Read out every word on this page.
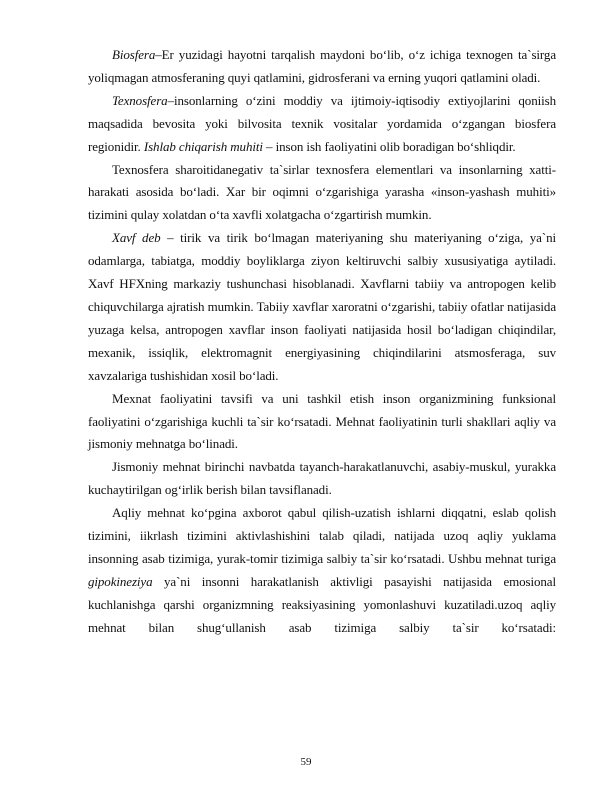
Biosfera–Er yuzidagi hayotni tarqalish maydoni bo‘lib, o‘z ichiga texnogen ta`sirga yoliqmagan atmosferaning quyi qatlamini, gidrosferani va erning yuqori qatlamini oladi.

Texnosfera–insonlarning o‘zini moddiy va ijtimoiy-iqtisodiy extiyojlarini qoniish maqsadida bevosita yoki bilvosita texnik vositalar yordamida o‘zgangan biosfera regionidir. Ishlab chiqarish muhiti – inson ish faoliyatini olib boradigan bo‘shliqdir.

Texnosfera sharoitidanegativ ta`sirlar texnosfera elementlari va insonlarning xatti-harakati asosida bo‘ladi. Xar bir oqimni o‘zgarishiga yarasha «inson-yashash muhiti» tizimini qulay xolatdan o‘ta xavfli xolatgacha o‘zgartirish mumkin.

Xavf deb – tirik va tirik bo‘lmagan materiyaning shu materiyaning o‘ziga, ya`ni odamlarga, tabiatga, moddiy boyliklarga ziyon keltiruvchi salbiy xususiyatiga aytiladi. Xavf HFXning markaziy tushunchasi hisoblanadi. Xavflarni tabiiy va antropogen kelib chiquvchilarga ajratish mumkin. Tabiiy xavflar xaroratni o‘zgarishi, tabiiy ofatlar natijasida yuzaga kelsa, antropogen xavflar inson faoliyati natijasida hosil bo‘ladigan chiqindilar, mexanik, issiqlik, elektromagnit energiyasining chiqindilarini atsmosferaga, suv xavzalariga tushishidan xosil bo‘ladi.

Mexnat faoliyatini tavsifi va uni tashkil etish inson organizmining funksional faoliyatini o‘zgarishiga kuchli ta`sir ko‘rsatadi. Mehnat faoliyatinin turli shakllari aqliy va jismoniy mehnatga bo‘linadi.

Jismoniy mehnat birinchi navbatda tayanch-harakatlanuvchi, asabiy-muskul, yurakka kuchaytirilgan og‘irlik berish bilan tavsiflanadi.

Aqliy mehnat ko‘pgina axborot qabul qilish-uzatish ishlarni diqqatni, eslab qolish tizimini, iikrlash tizimini aktivlashishini talab qiladi, natijada uzoq aqliy yuklama insonning asab tizimiga, yurak-tomir tizimiga salbiy ta`sir ko‘rsatadi. Ushbu mehnat turiga gipokineziya ya`ni insonni harakatlanish aktivligi pasayishi natijasida emosional kuchlanishga qarshi organizmning reaksiyasining yomonlashuvi kuzatiladi.uzoq aqliy mehnat bilan shug‘ullanish asab tizimiga salbiy ta`sir ko‘rsatadi:

59
